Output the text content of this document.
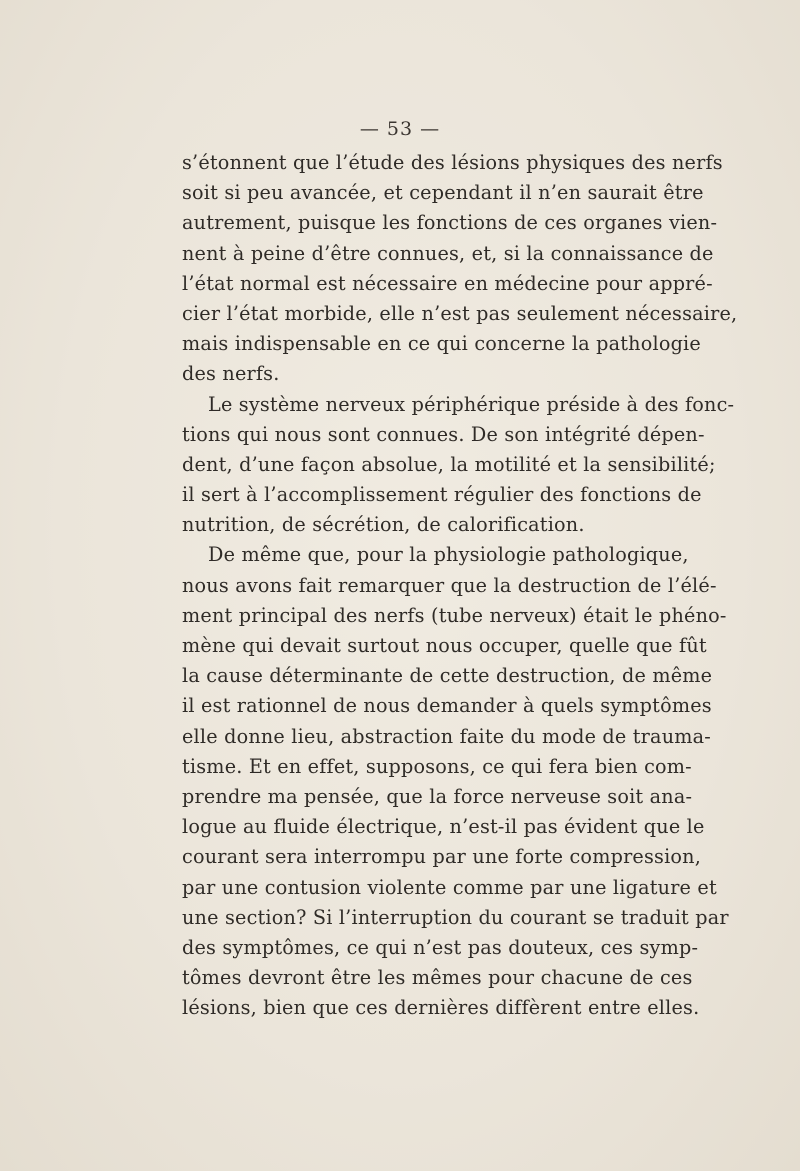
— 53 —
s’étonnent que l’étude des lésions physiques des nerfs
soit si peu avancée, et cependant il n’en saurait être
autrement, puisque les fonctions de ces organes vien-
nent à peine d’être connues, et, si la connaissance de
l’état normal est nécessaire en médecine pour appré-
cier l’état morbide, elle n’est pas seulement nécessaire,
mais indispensable en ce qui concerne la pathologie
des nerfs.
Le système nerveux périphérique préside à des fonc-
tions qui nous sont connues. De son intégrité dépen-
dent, d’une façon absolue, la motilité et la sensibilité;
il sert à l’accomplissement régulier des fonctions de
nutrition, de sécrétion, de calorification.
De même que, pour la physiologie pathologique,
nous avons fait remarquer que la destruction de l’élé-
ment principal des nerfs (tube nerveux) était le phéno-
mène qui devait surtout nous occuper, quelle que fût
la cause déterminante de cette destruction, de même
il est rationnel de nous demander à quels symptômes
elle donne lieu, abstraction faite du mode de trauma-
tisme. Et en effet, supposons, ce qui fera bien com-
prendre ma pensée, que la force nerveuse soit ana-
logue au fluide électrique, n’est-il pas évident que le
courant sera interrompu par une forte compression,
par une contusion violente comme par une ligature et
une section? Si l’interruption du courant se traduit par
des symptômes, ce qui n’est pas douteux, ces symp-
tômes devront être les mêmes pour chacune de ces
lésions, bien que ces dernières diffèrent entre elles.
